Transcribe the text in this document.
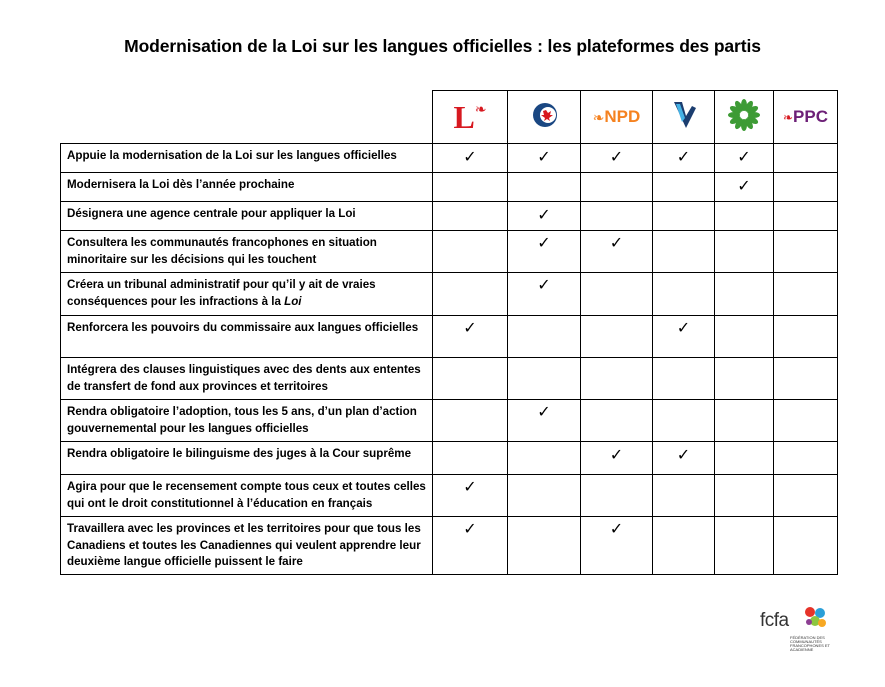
Modernisation de la Loi sur les langues officielles : les plateformes des partis
	L❧		❧NPD			❧PPC
Appuie la modernisation de la Loi sur les langues officielles	✓	✓	✓	✓	✓	
Modernisera la Loi dès l’année prochaine					✓	
Désignera une agence centrale pour appliquer la Loi		✓				
Consultera les communautés francophones en situation minoritaire sur les décisions qui les touchent		✓	✓			
Créera un tribunal administratif pour qu’il y ait de vraies conséquences pour les infractions à la Loi		✓				
Renforcera les pouvoirs du commissaire aux langues officielles	✓			✓		
Intégrera des clauses linguistiques avec des dents aux ententes de transfert de fond aux provinces et territoires						
Rendra obligatoire l’adoption, tous les 5 ans, d’un plan d’action gouvernemental pour les langues officielles		✓				
Rendra obligatoire le bilinguisme des juges à la Cour suprême			✓	✓		
Agira pour que le recensement compte tous ceux et toutes celles qui ont le droit constitutionnel à l’éducation en français	✓					
Travaillera avec les provinces et les territoires pour que tous les Canadiens et toutes les Canadiennes qui veulent apprendre leur deuxième langue officielle puissent le faire	✓		✓			
fcfa
FÉDÉRATION DES COMMUNAUTÉS FRANCOPHONES ET ACADIENNE
